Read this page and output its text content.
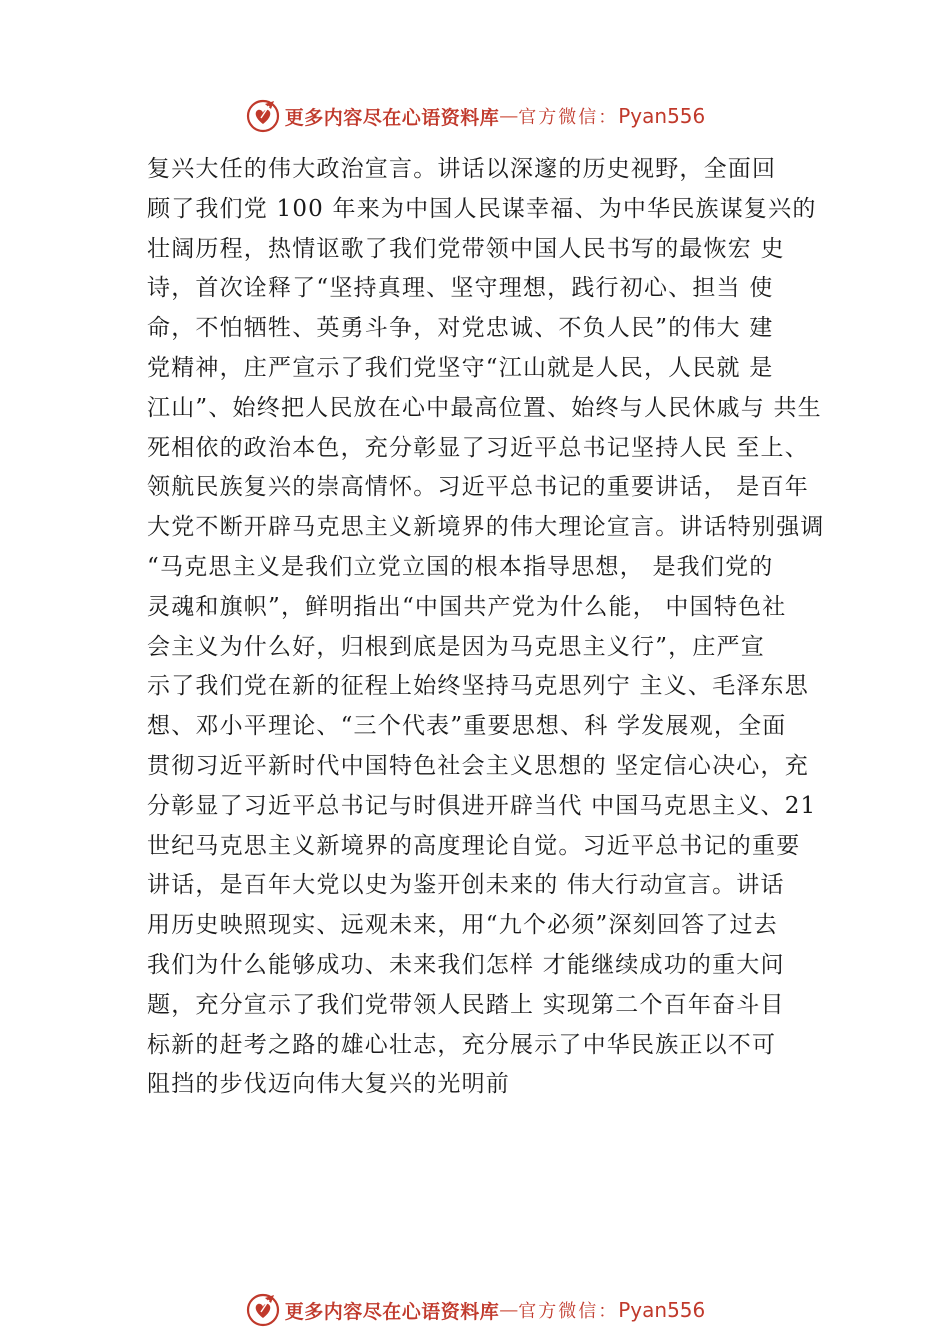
更多内容尽在心语资料库 — 官方微信： Pyan556
复兴大任的伟大政治宣言。讲话以深邃的历史视野，全面回
顾了我们党 100 年来为中国人民谋幸福、为中华民族谋复兴的
壮阔历程，热情讴歌了我们党带领中国人民书写的最恢宏 史
诗，首次诠释了“坚持真理、坚守理想，践行初心、担当 使
命，不怕牺牲、英勇斗争，对党忠诚、不负人民”的伟大 建
党精神，庄严宣示了我们党坚守“江山就是人民，人民就 是
江山”、始终把人民放在心中最高位置、始终与人民休戚与 共生
死相依的政治本色，充分彰显了习近平总书记坚持人民 至上、
领航民族复兴的崇高情怀。习近平总书记的重要讲话， 是百年
大党不断开辟马克思主义新境界的伟大理论宣言。讲话特别强调
“马克思主义是我们立党立国的根本指导思想， 是我们党的
灵魂和旗帜”，鲜明指出“中国共产党为什么能， 中国特色社
会主义为什么好，归根到底是因为马克思主义行”，庄严宣
示了我们党在新的征程上始终坚持马克思列宁 主义、毛泽东思
想、邓小平理论、“三个代表”重要思想、科 学发展观，全面
贯彻习近平新时代中国特色社会主义思想的 坚定信心决心，充
分彰显了习近平总书记与时俱进开辟当代 中国马克思主义、21
世纪马克思主义新境界的高度理论自觉。习近平总书记的重要
讲话，是百年大党以史为鉴开创未来的 伟大行动宣言。讲话
用历史映照现实、远观未来，用“九个必须”深刻回答了过去
我们为什么能够成功、未来我们怎样 才能继续成功的重大问
题，充分宣示了我们党带领人民踏上 实现第二个百年奋斗目
标新的赶考之路的雄心壮志，充分展示了中华民族正以不可
阻挡的步伐迈向伟大复兴的光明前
更多内容尽在心语资料库 — 官方微信： Pyan556
